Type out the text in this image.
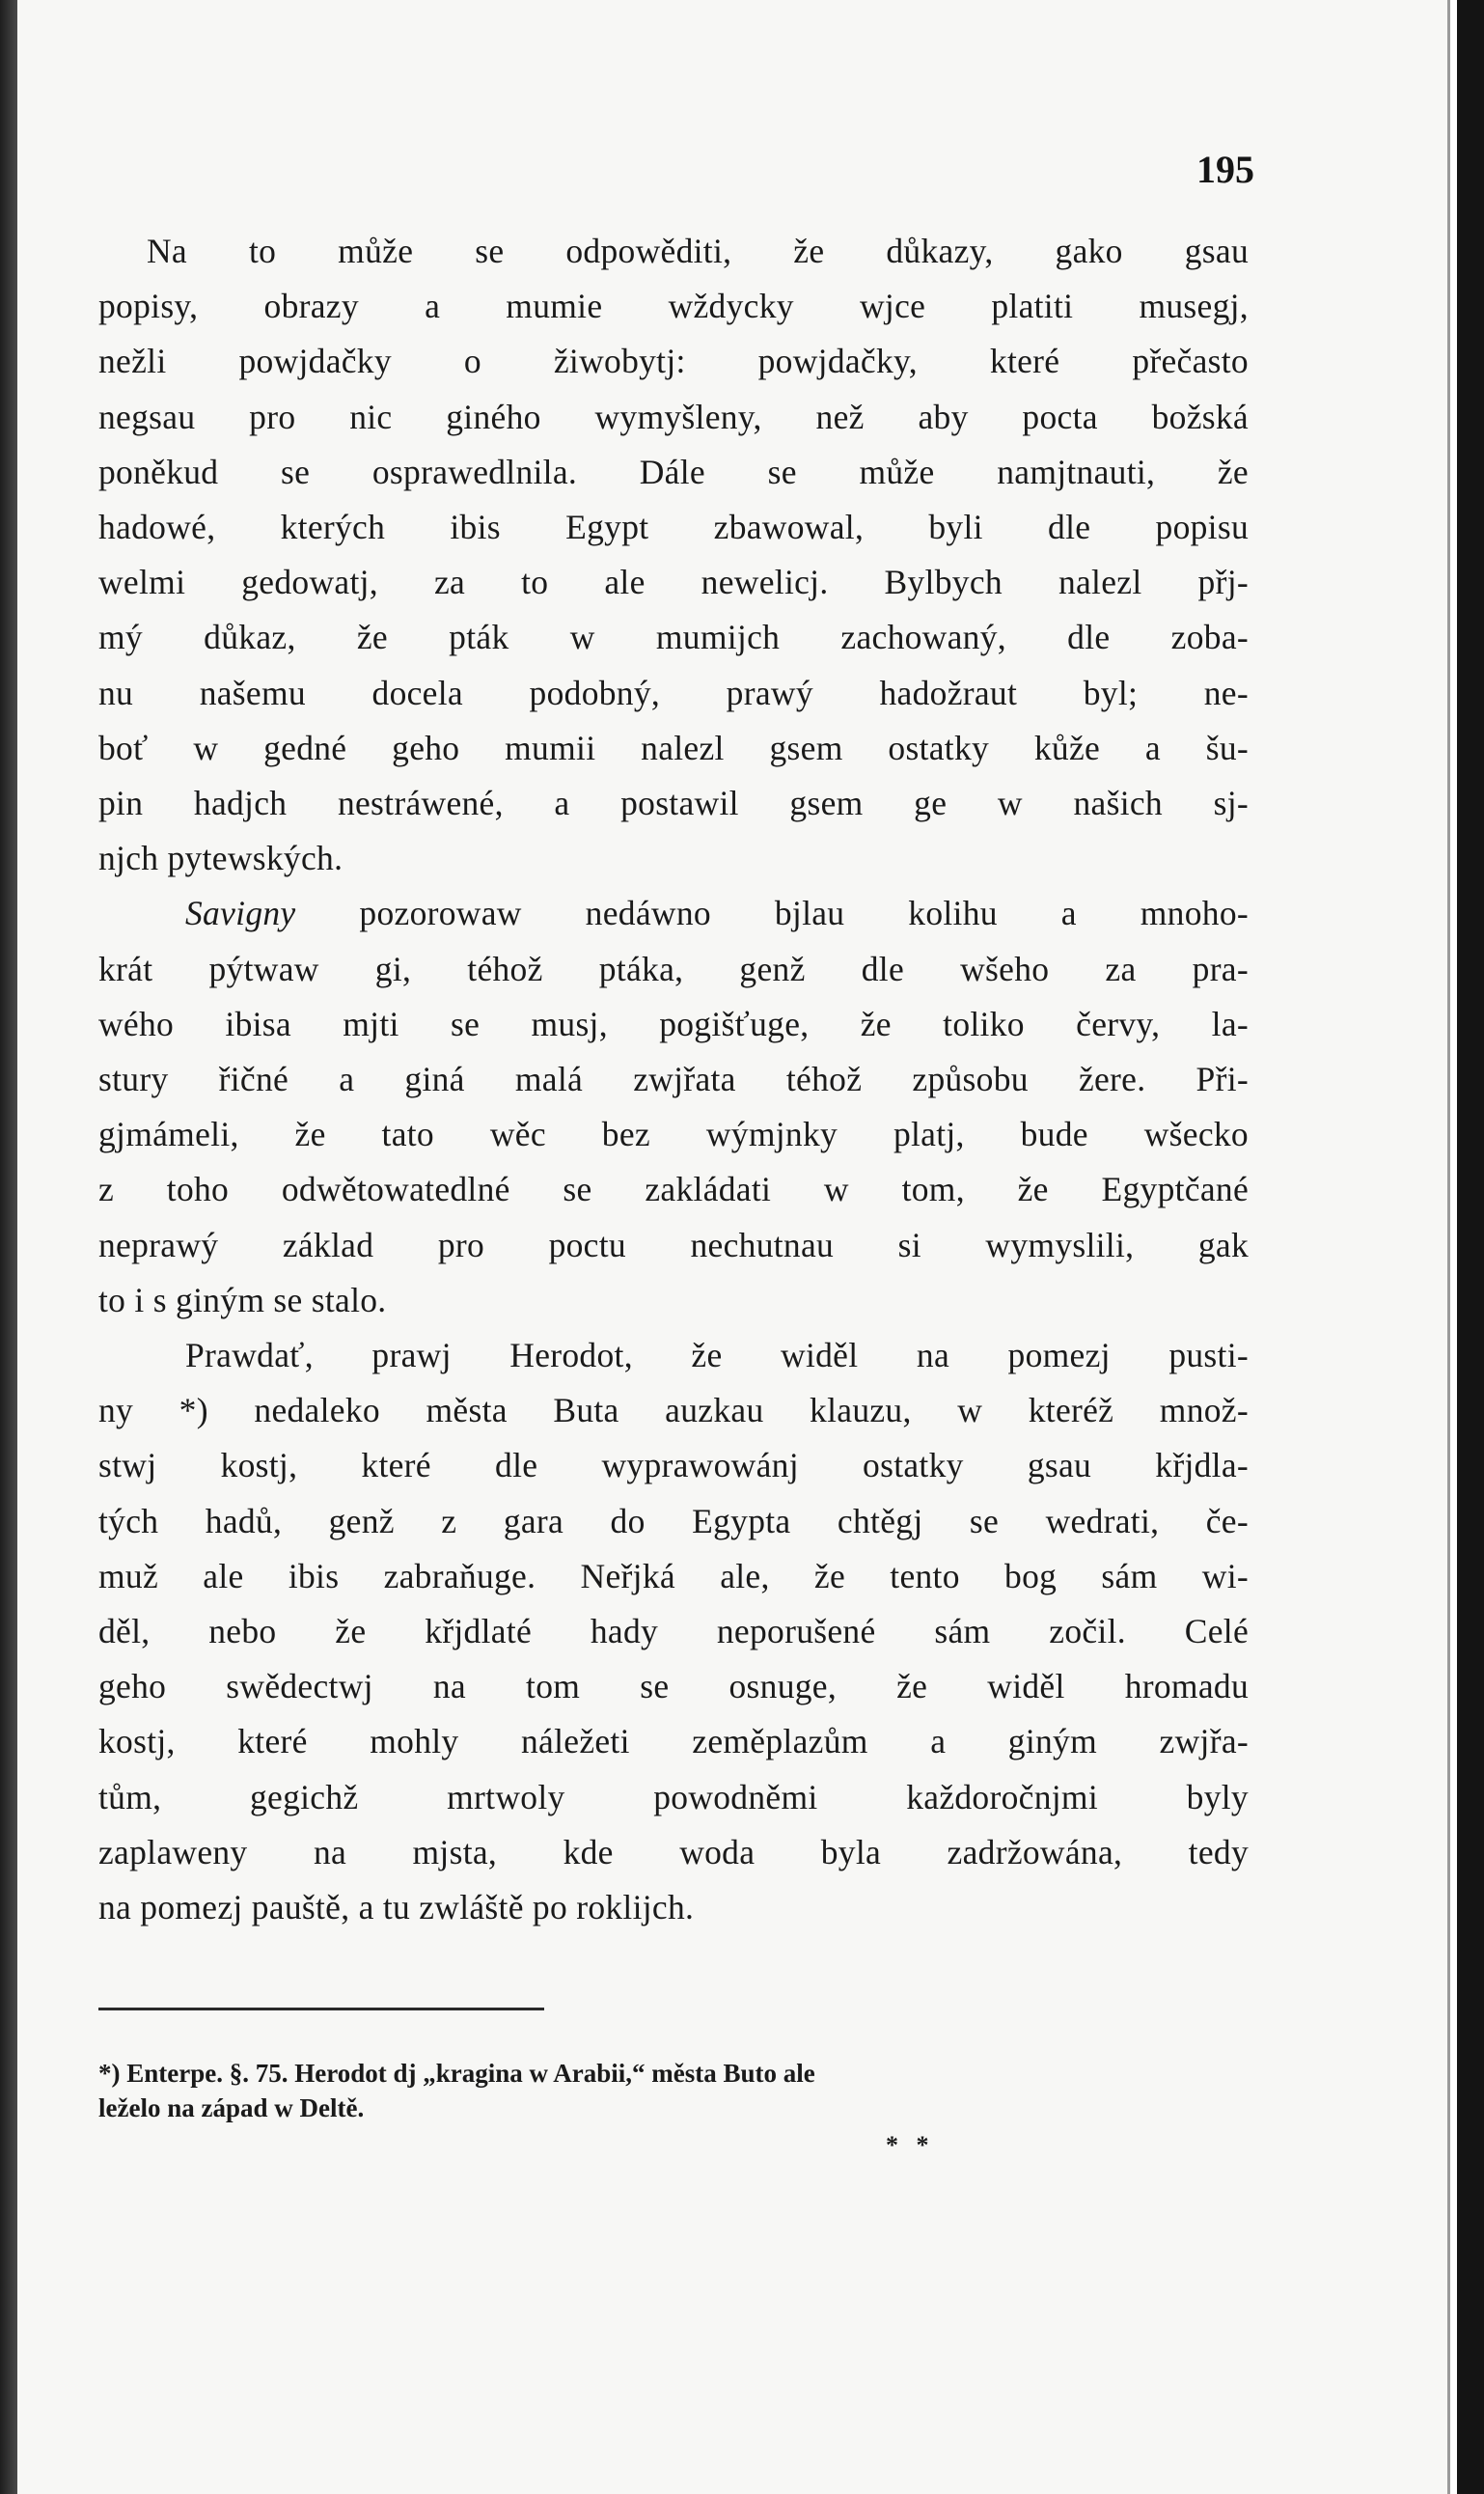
195
Na to může se odpowěditi, že důkazy, gako gsau
popisy, obrazy a mumie wždycky wjce platiti musegj,
nežli powjdačky o žiwobytj: powjdačky, které přečasto
negsau pro nic giného wymyšleny, než aby pocta božská
poněkud se osprawedlnila. Dále se může namjtnauti, že
hadowé, kterých ibis Egypt zbawowal, byli dle popisu
welmi gedowatj, za to ale newelicj. Bylbych nalezl přj-
mý důkaz, že pták w mumijch zachowaný, dle zoba-
nu našemu docela podobný, prawý hadožraut byl; ne-
boť w gedné geho mumii nalezl gsem ostatky kůže a šu-
pin hadjch nestráwené, a postawil gsem ge w našich sj-
njch pytewských.
Savigny pozorowaw nedáwno bjlau kolihu a mnoho-
krát pýtwaw gi, téhož ptáka, genž dle wšeho za pra-
wého ibisa mjti se musj, pogišťuge, že toliko červy, la-
stury řičné a giná malá zwjřata téhož způsobu žere. Při-
gjmámeli, že tato wěc bez wýmjnky platj, bude wšecko
z toho odwětowatedlné se zakládati w tom, že Egyptčané
neprawý základ pro poctu nechutnau si wymyslili, gak
to i s giným se stalo.
Prawdať, prawj Herodot, že widěl na pomezj pusti-
ny *) nedaleko města Buta auzkau klauzu, w kteréž množ-
stwj kostj, které dle wyprawowánj ostatky gsau křjdla-
tých hadů, genž z gara do Egypta chtěgj se wedrati, če-
muž ale ibis zabraňuge. Neřjká ale, že tento bog sám wi-
děl, nebo že křjdlaté hady neporušené sám zočil. Celé
geho swědectwj na tom se osnuge, že widěl hromadu
kostj, které mohly náležeti zeměplazům a giným zwjřa-
tům, gegichž mrtwoly powodněmi každoročnjmi byly
zaplaweny na mjsta, kde woda byla zadržowána, tedy
na pomezj pauště, a tu zwláště po roklijch.
*) Enterpe. §. 75. Herodot dj „kragina w Arabii,“ města Buto ale
leželo na západ w Deltě.
* *
